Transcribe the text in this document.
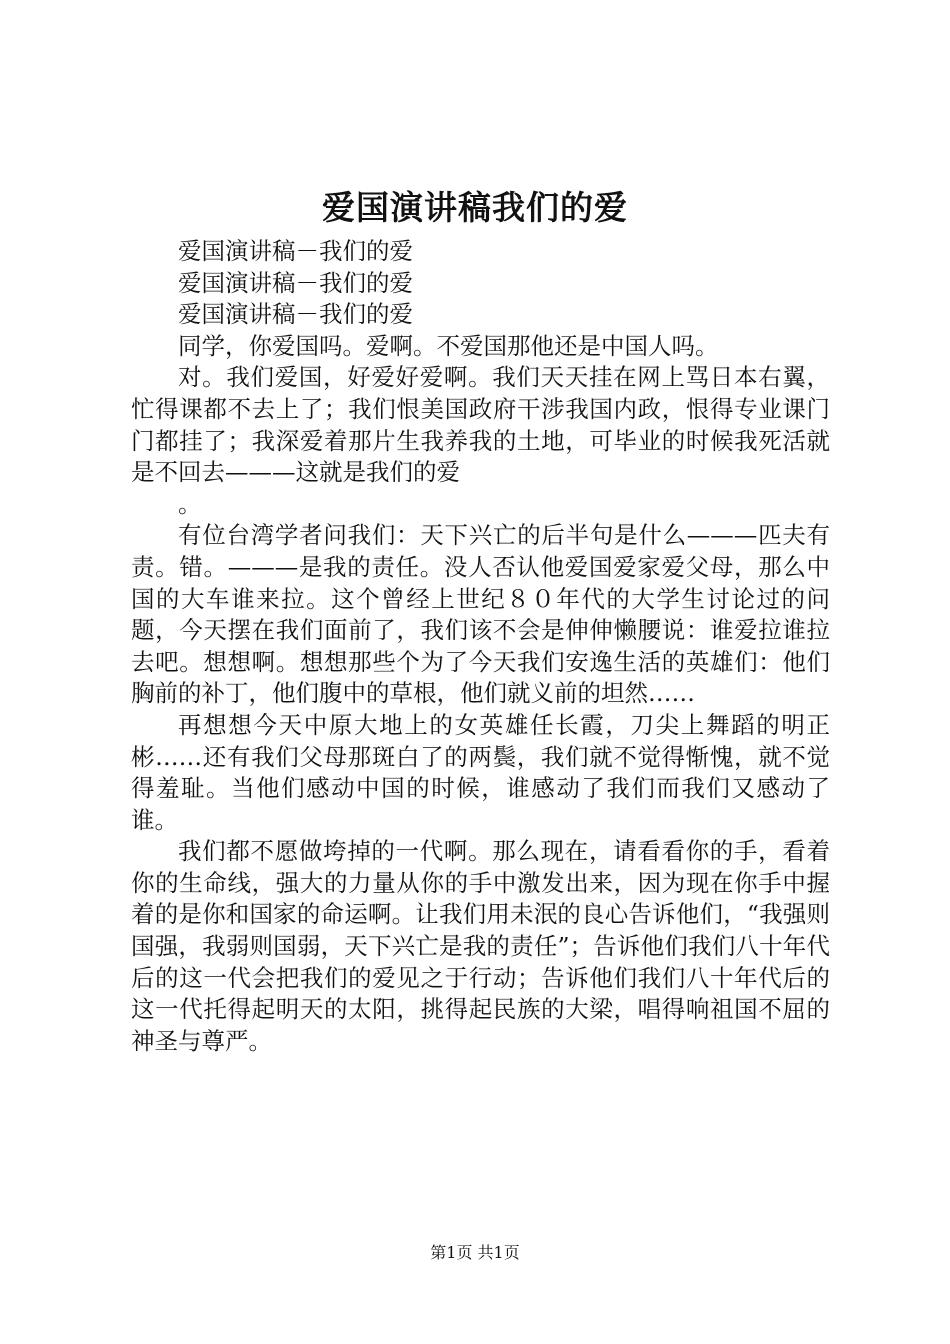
爱国演讲稿我们的爱

爱国演讲稿－我们的爱

爱国演讲稿－我们的爱

爱国演讲稿－我们的爱

同学，你爱国吗。爱啊。不爱国那他还是中国人吗。

对。我们爱国，好爱好爱啊。我们天天挂在网上骂日本右翼，忙得课都不去上了；我们恨美国政府干涉我国内政，恨得专业课门门都挂了；我深爱着那片生我养我的土地，可毕业的时候我死活就是不回去———这就是我们的爱

。

有位台湾学者问我们：天下兴亡的后半句是什么———匹夫有责。错。———是我的责任。没人否认他爱国爱家爱父母，那么中国的大车谁来拉。这个曾经上世纪８０年代的大学生讨论过的问题，今天摆在我们面前了，我们该不会是伸伸懒腰说：谁爱拉谁拉去吧。想想啊。想想那些个为了今天我们安逸生活的英雄们：他们胸前的补丁，他们腹中的草根，他们就义前的坦然……

再想想今天中原大地上的女英雄任长霞，刀尖上舞蹈的明正彬……还有我们父母那斑白了的两鬓，我们就不觉得惭愧，就不觉得羞耻。当他们感动中国的时候，谁感动了我们而我们又感动了谁。

我们都不愿做垮掉的一代啊。那么现在，请看看你的手，看着你的生命线，强大的力量从你的手中激发出来，因为现在你手中握着的是你和国家的命运啊。让我们用未泯的良心告诉他们，“我强则国强，我弱则国弱，天下兴亡是我的责任”；告诉他们我们八十年代后的这一代会把我们的爱见之于行动；告诉他们我们八十年代后的这一代托得起明天的太阳，挑得起民族的大梁，唱得响祖国不屈的神圣与尊严。

第1页 共1页
